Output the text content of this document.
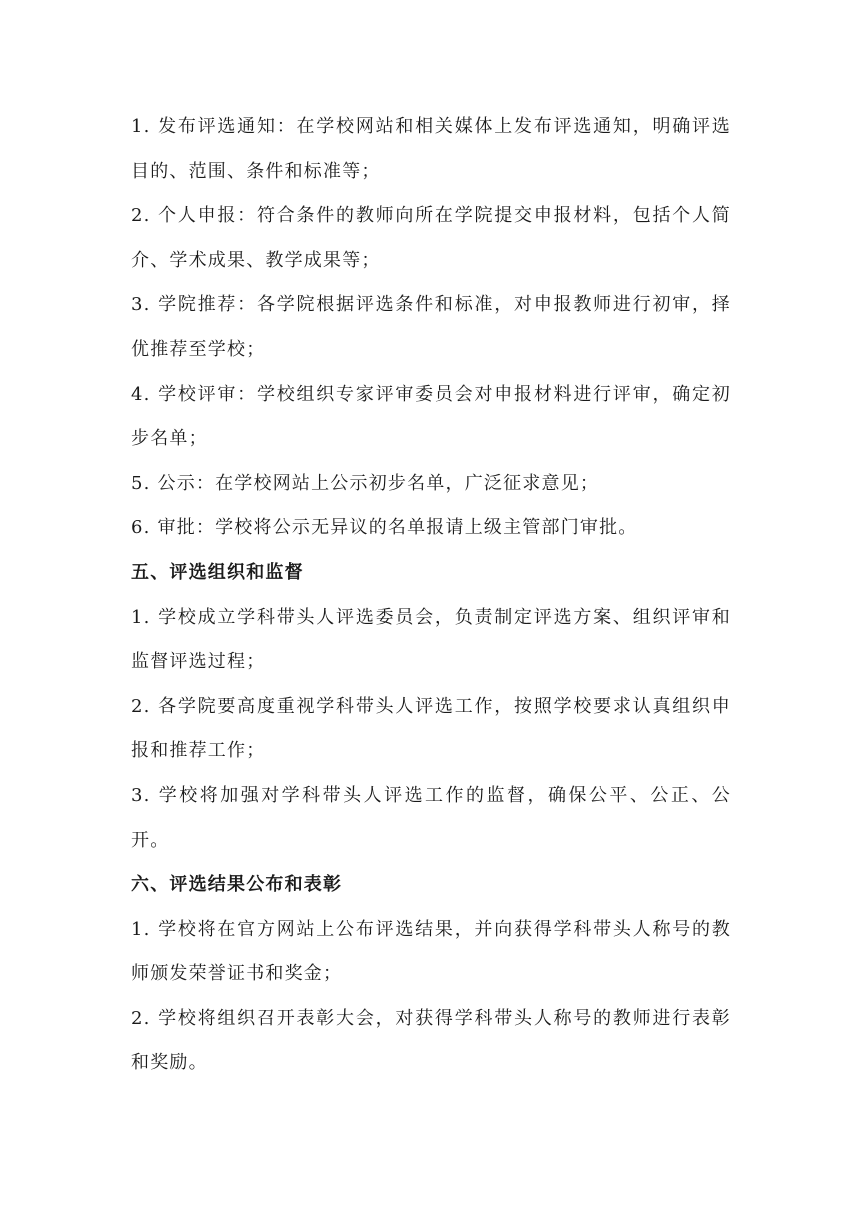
1. 发布评选通知：在学校网站和相关媒体上发布评选通知，明确评选目的、范围、条件和标准等；

2. 个人申报：符合条件的教师向所在学院提交申报材料，包括个人简介、学术成果、教学成果等；

3. 学院推荐：各学院根据评选条件和标准，对申报教师进行初审，择优推荐至学校；

4. 学校评审：学校组织专家评审委员会对申报材料进行评审，确定初步名单；

5. 公示：在学校网站上公示初步名单，广泛征求意见；

6. 审批：学校将公示无异议的名单报请上级主管部门审批。

五、评选组织和监督

1. 学校成立学科带头人评选委员会，负责制定评选方案、组织评审和监督评选过程；

2. 各学院要高度重视学科带头人评选工作，按照学校要求认真组织申报和推荐工作；

3. 学校将加强对学科带头人评选工作的监督，确保公平、公正、公开。

六、评选结果公布和表彰

1. 学校将在官方网站上公布评选结果，并向获得学科带头人称号的教师颁发荣誉证书和奖金；

2. 学校将组织召开表彰大会，对获得学科带头人称号的教师进行表彰和奖励。
